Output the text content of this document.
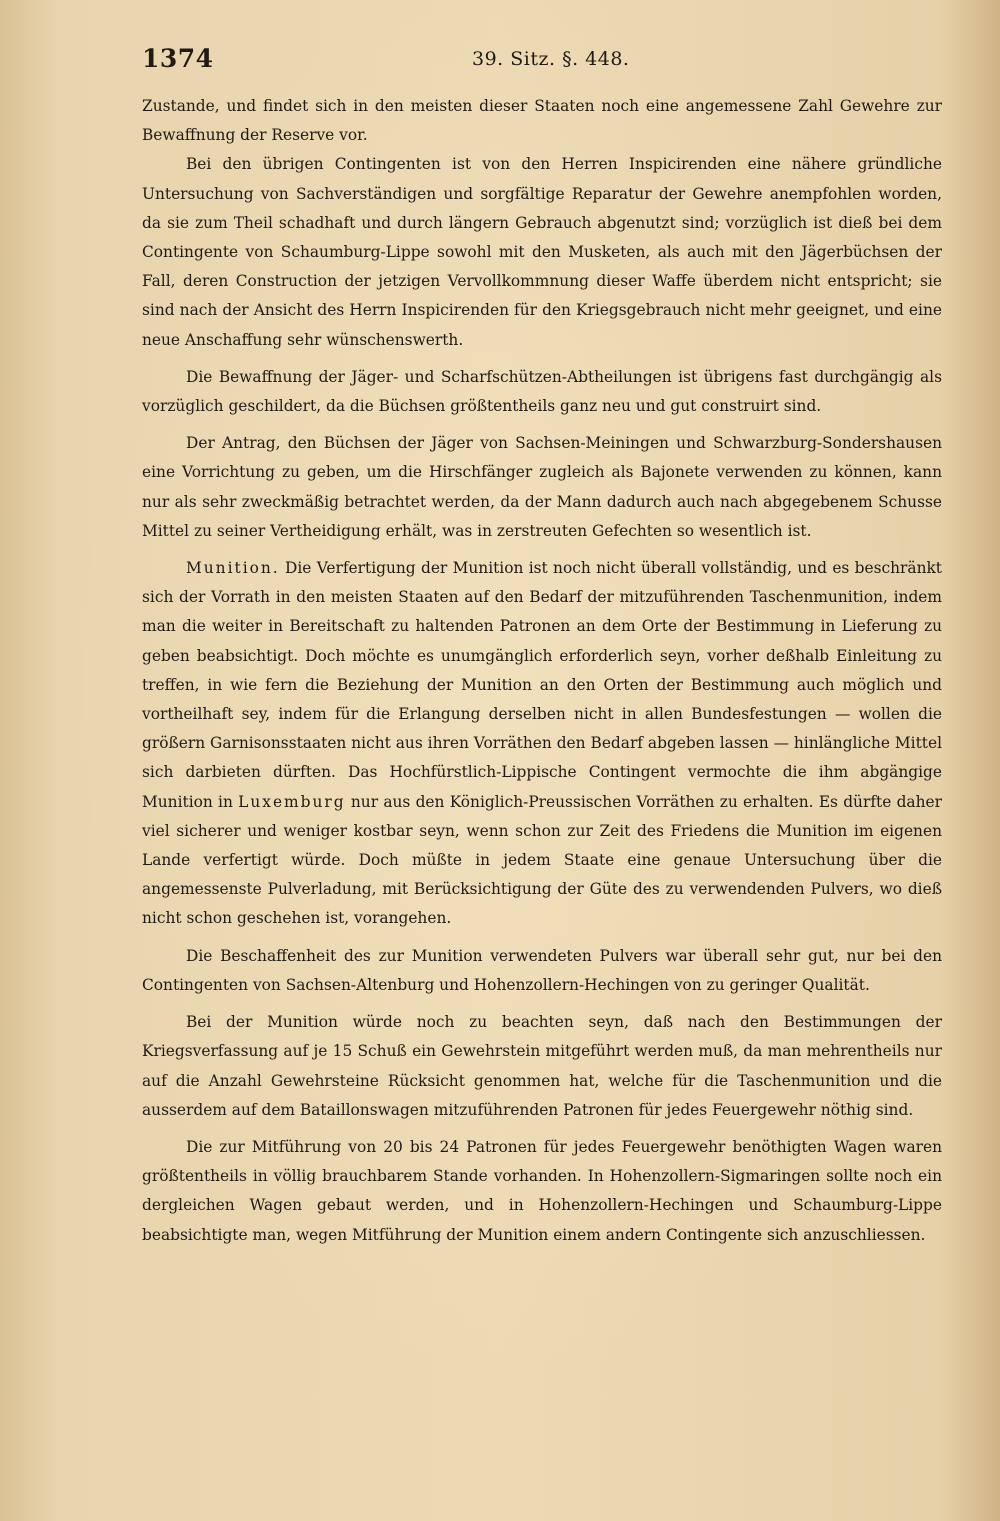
1374	39. Sitz. §. 448.

Zustande, und findet sich in den meisten dieser Staaten noch eine angemessene Zahl Gewehre zur Bewaffnung der Reserve vor.

Bei den übrigen Contingenten ist von den Herren Inspicirenden eine nähere gründliche Untersuchung von Sachverständigen und sorgfältige Reparatur der Gewehre anempfohlen worden, da sie zum Theil schadhaft und durch längern Gebrauch abgenutzt sind; vorzüglich ist dieß bei dem Contingente von Schaumburg-Lippe sowohl mit den Musketen, als auch mit den Jägerbüchsen der Fall, deren Construction der jetzigen Vervollkommnung dieser Waffe überdem nicht entspricht; sie sind nach der Ansicht des Herrn Inspicirenden für den Kriegsgebrauch nicht mehr geeignet, und eine neue Anschaffung sehr wünschenswerth.

Die Bewaffnung der Jäger- und Scharfschützen-Abtheilungen ist übrigens fast durchgängig als vorzüglich geschildert, da die Büchsen größtentheils ganz neu und gut construirt sind.

Der Antrag, den Büchsen der Jäger von Sachsen-Meiningen und Schwarzburg-Sondershausen eine Vorrichtung zu geben, um die Hirschfänger zugleich als Bajonete verwenden zu können, kann nur als sehr zweckmäßig betrachtet werden, da der Mann dadurch auch nach abgegebenem Schusse Mittel zu seiner Vertheidigung erhält, was in zerstreuten Gefechten so wesentlich ist.

Munition. Die Verfertigung der Munition ist noch nicht überall vollständig, und es beschränkt sich der Vorrath in den meisten Staaten auf den Bedarf der mitzuführenden Taschenmunition, indem man die weiter in Bereitschaft zu haltenden Patronen an dem Orte der Bestimmung in Lieferung zu geben beabsichtigt. Doch möchte es unumgänglich erforderlich seyn, vorher deßhalb Einleitung zu treffen, in wie fern die Beziehung der Munition an den Orten der Bestimmung auch möglich und vortheilhaft sey, indem für die Erlangung derselben nicht in allen Bundesfestungen — wollen die größern Garnisonsstaaten nicht aus ihren Vorräthen den Bedarf abgeben lassen — hinlängliche Mittel sich darbieten dürften. Das Hochfürstlich-Lippische Contingent vermochte die ihm abgängige Munition in Luxemburg nur aus den Königlich-Preussischen Vorräthen zu erhalten. Es dürfte daher viel sicherer und weniger kostbar seyn, wenn schon zur Zeit des Friedens die Munition im eigenen Lande verfertigt würde. Doch müßte in jedem Staate eine genaue Untersuchung über die angemessenste Pulverladung, mit Berücksichtigung der Güte des zu verwendenden Pulvers, wo dieß nicht schon geschehen ist, vorangehen.

Die Beschaffenheit des zur Munition verwendeten Pulvers war überall sehr gut, nur bei den Contingenten von Sachsen-Altenburg und Hohenzollern-Hechingen von zu geringer Qualität.

Bei der Munition würde noch zu beachten seyn, daß nach den Bestimmungen der Kriegsverfassung auf je 15 Schuß ein Gewehrstein mitgeführt werden muß, da man mehrentheils nur auf die Anzahl Gewehrsteine Rücksicht genommen hat, welche für die Taschenmunition und die ausserdem auf dem Bataillonswagen mitzuführenden Patronen für jedes Feuergewehr nöthig sind.

Die zur Mitführung von 20 bis 24 Patronen für jedes Feuergewehr benöthigten Wagen waren größtentheils in völlig brauchbarem Stande vorhanden. In Hohenzollern-Sigmaringen sollte noch ein dergleichen Wagen gebaut werden, und in Hohenzollern-Hechingen und Schaumburg-Lippe beabsichtigte man, wegen Mitführung der Munition einem andern Contingente sich anzuschliessen.
